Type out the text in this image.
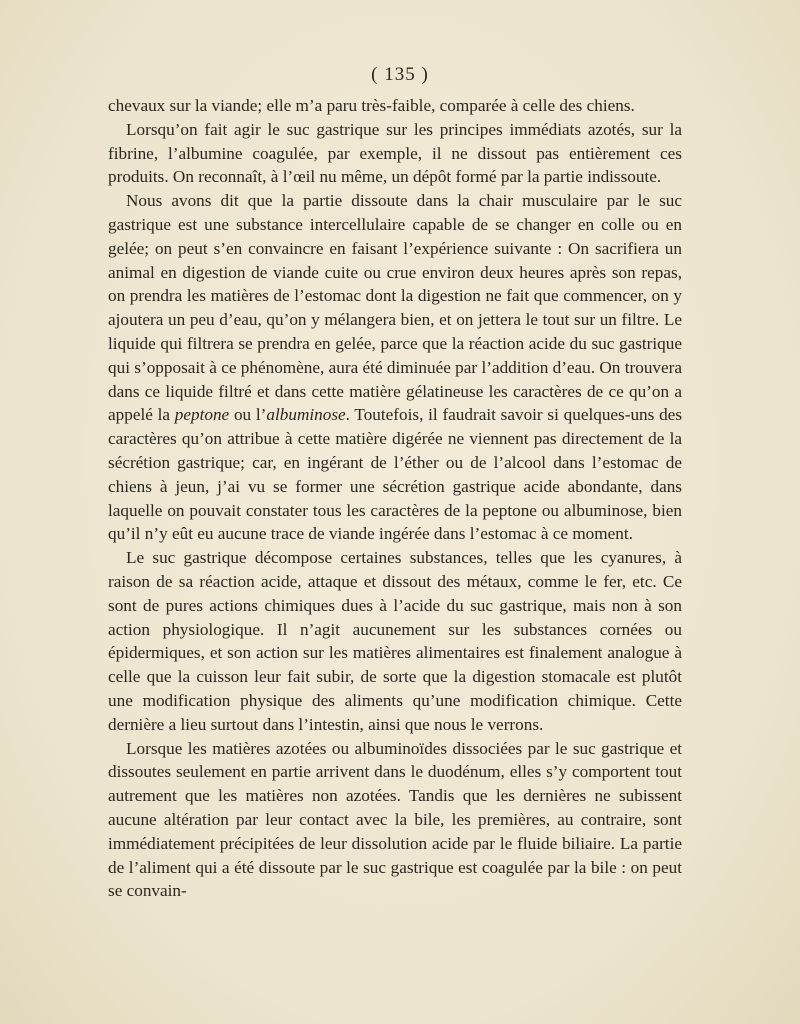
( 135 )

chevaux sur la viande; elle m’a paru très-faible, comparée à celle des chiens.

Lorsqu’on fait agir le suc gastrique sur les principes immédiats azotés, sur la fibrine, l’albumine coagulée, par exemple, il ne dissout pas entièrement ces produits. On reconnaît, à l’œil nu même, un dépôt formé par la partie indissoute.

Nous avons dit que la partie dissoute dans la chair musculaire par le suc gastrique est une substance intercellulaire capable de se changer en colle ou en gelée; on peut s’en convaincre en faisant l’expérience suivante : On sacrifiera un animal en digestion de viande cuite ou crue environ deux heures après son repas, on prendra les matières de l’estomac dont la digestion ne fait que commencer, on y ajoutera un peu d’eau, qu’on y mélangera bien, et on jettera le tout sur un filtre. Le liquide qui filtrera se prendra en gelée, parce que la réaction acide du suc gastrique qui s’opposait à ce phénomène, aura été diminuée par l’addition d’eau. On trouvera dans ce liquide filtré et dans cette matière gélatineuse les caractères de ce qu’on a appelé la peptone ou l’albuminose. Toutefois, il faudrait savoir si quelques-uns des caractères qu’on attribue à cette matière digérée ne viennent pas directement de la sécrétion gastrique; car, en ingérant de l’éther ou de l’alcool dans l’estomac de chiens à jeun, j’ai vu se former une sécrétion gastrique acide abondante, dans laquelle on pouvait constater tous les caractères de la peptone ou albuminose, bien qu’il n’y eût eu aucune trace de viande ingérée dans l’estomac à ce moment.

Le suc gastrique décompose certaines substances, telles que les cyanures, à raison de sa réaction acide, attaque et dissout des métaux, comme le fer, etc. Ce sont de pures actions chimiques dues à l’acide du suc gastrique, mais non à son action physiologique. Il n’agit aucunement sur les substances cornées ou épidermiques, et son action sur les matières alimentaires est finalement analogue à celle que la cuisson leur fait subir, de sorte que la digestion stomacale est plutôt une modification physique des aliments qu’une modification chimique. Cette dernière a lieu surtout dans l’intestin, ainsi que nous le verrons.

Lorsque les matières azotées ou albuminoïdes dissociées par le suc gastrique et dissoutes seulement en partie arrivent dans le duodénum, elles s’y comportent tout autrement que les matières non azotées. Tandis que les dernières ne subissent aucune altération par leur contact avec la bile, les premières, au contraire, sont immédiatement précipitées de leur dissolution acide par le fluide biliaire. La partie de l’aliment qui a été dissoute par le suc gastrique est coagulée par la bile : on peut se convain-
